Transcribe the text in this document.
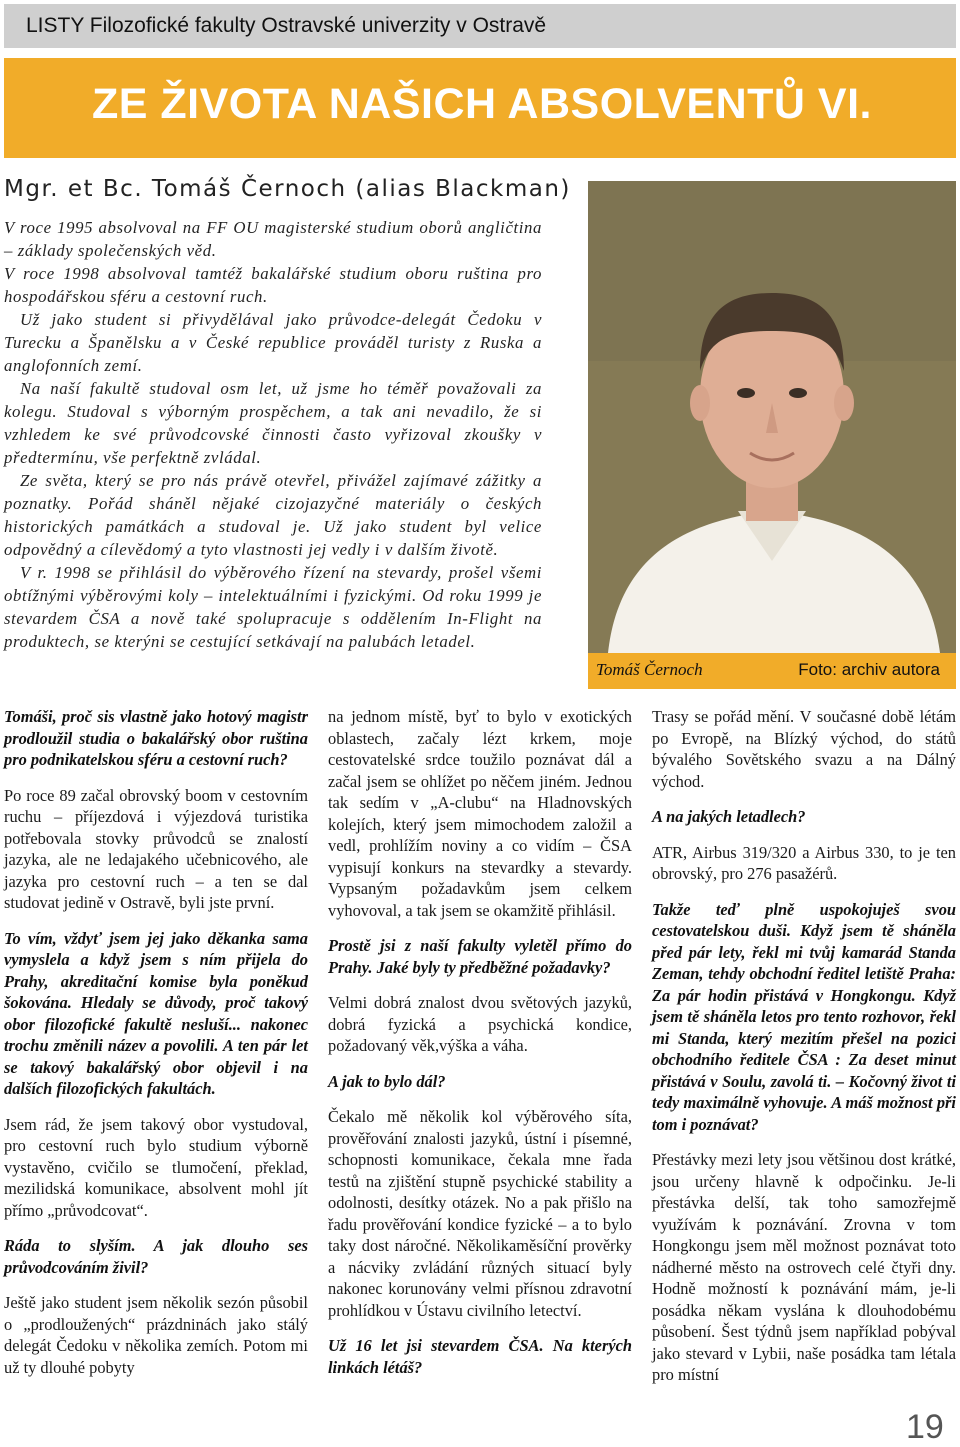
LISTY Filozofické fakulty Ostravské univerzity v Ostravě
ZE ŽIVOTA NAŠICH ABSOLVENTŮ VI.
Mgr. et Bc. Tomáš Černoch (alias Blackman)

V roce 1995 absolvoval na FF OU magisterské studium oborů angličtina – základy společenských věd.

V roce 1998 absolvoval tamtéž bakalářské studium oboru ruština pro hospodářskou sféru a cestovní ruch.

Už jako student si přivydělával jako průvodce-delegát Čedoku v Turecku a Španělsku a v České republice prováděl turisty z Ruska a anglofonních zemí.

Na naší fakultě studoval osm let, už jsme ho téměř považovali za kolegu. Studoval s výborným prospěchem, a tak ani nevadilo, že si vzhledem ke své průvodcovské činnosti často vyřizoval zkoušky v předtermínu, vše perfektně zvládal.

Ze světa, který se pro nás právě otevřel, přivážel zajímavé zážitky a poznatky. Pořád sháněl nějaké cizojazyčné materiály o českých historických památkách a studoval je. Už jako student byl velice odpovědný a cílevědomý a tyto vlastnosti jej vedly i v dalším životě.

V r. 1998 se přihlásil do výběrového řízení na stevardy, prošel všemi obtížnými výběrovými koly – intelektuálními i fyzickými. Od roku 1999 je stevardem ČSA a nově také spolupracuje s oddělením In-Flight na produktech, se kterýni se cestující setkávají na palubách letadel.

Tomáš Černoch	Foto: archiv autora

Tomáši, proč sis vlastně jako hotový magistr prodloužil studia o bakalářský obor ruština pro podnikatelskou sféru a cestovní ruch?

Po roce 89 začal obrovský boom v cestovním ruchu – příjezdová i výjezdová turistika potřebovala stovky průvodců se znalostí jazyka, ale ne ledajakého učebnicového, ale jazyka pro cestovní ruch – a ten se dal studovat jedině v Ostravě, byli jste první.

To vím, vždyť jsem jej jako děkanka sama vymyslela a když jsem s ním přijela do Prahy, akreditační komise byla poněkud šokována. Hledaly se důvody, proč takový obor filozofické fakultě nesluší... nakonec trochu změnili název a povolili. A ten pár let se takový bakalářský obor objevil i na dalších filozofických fakultách.

Jsem rád, že jsem takový obor vystudoval, pro cestovní ruch bylo studium výborně vystavěno, cvičilo se tlumočení, překlad, mezilidská komunikace, absolvent mohl jít přímo „průvodcovat“.

Ráda to slyším. A jak dlouho ses průvodcováním živil?

Ještě jako student jsem několik sezón působil o „prodloužených“ prázdninách jako stálý delegát Čedoku v několika zemích. Potom mi už ty dlouhé pobyty

na jednom místě, byť to bylo v exotických oblastech, začaly lézt krkem, moje cestovatelské srdce toužilo poznávat dál a začal jsem se ohlížet po něčem jiném. Jednou tak sedím v „A-clubu“ na Hladnovských kolejích, který jsem mimochodem založil a vedl, prohlížím noviny a co vidím – ČSA vypisují konkurs na stevardky a stevardy. Vypsaným požadavkům jsem celkem vyhovoval, a tak jsem se okamžitě přihlásil.

Prostě jsi z naší fakulty vyletěl přímo do Prahy. Jaké byly ty předběžné požadavky?

Velmi dobrá znalost dvou světových jazyků, dobrá fyzická a psychická kondice, požadovaný věk,výška a váha.

A jak to bylo dál?

Čekalo mě několik kol výběrového síta, prověřování znalosti jazyků, ústní i písemné, schopnosti komunikace, čekala mne řada testů na zjištění stupně psychické stability a odolnosti, desítky otázek. No a pak přišlo na řadu prověřování kondice fyzické – a to bylo taky dost náročné. Několikaměsíční prověrky a nácviky zvládání různých situací byly nakonec korunovány velmi přísnou zdravotní prohlídkou v Ústavu civilního letectví.

Už 16 let jsi stevardem ČSA. Na kterých linkách létáš?

Trasy se pořád mění. V současné době létám po Evropě, na Blízký východ, do států bývalého Sovětského svazu a na Dálný východ.

A na jakých letadlech?

ATR, Airbus 319/320 a Airbus 330, to je ten obrovský, pro 276 pasažérů.

Takže teď plně uspokojuješ svou cestovatelskou duši. Když jsem tě sháněla před pár lety, řekl mi tvůj kamarád Standa Zeman, tehdy obchodní ředitel letiště Praha: Za pár hodin přistává v Hongkongu. Když jsem tě sháněla letos pro tento rozhovor, řekl mi Standa, který mezitím přešel na pozici obchodního ředitele ČSA : Za deset minut přistává v Soulu, zavolá ti. – Kočovný život ti tedy maximálně vyhovuje. A máš možnost při tom i poznávat?

Přestávky mezi lety jsou většinou dost krátké, jsou určeny hlavně k odpočinku. Je-li přestávka delší, tak toho samozřejmě využívám k poznávání. Zrovna v tom Hongkongu jsem měl možnost poznávat toto nádherné město na ostrovech celé čtyři dny. Hodně možností k poznávání mám, je-li posádka někam vyslána k dlouhodobému působení. Šest týdnů jsem například pobýval jako stevard v Lybii, naše posádka tam létala pro místní

19
